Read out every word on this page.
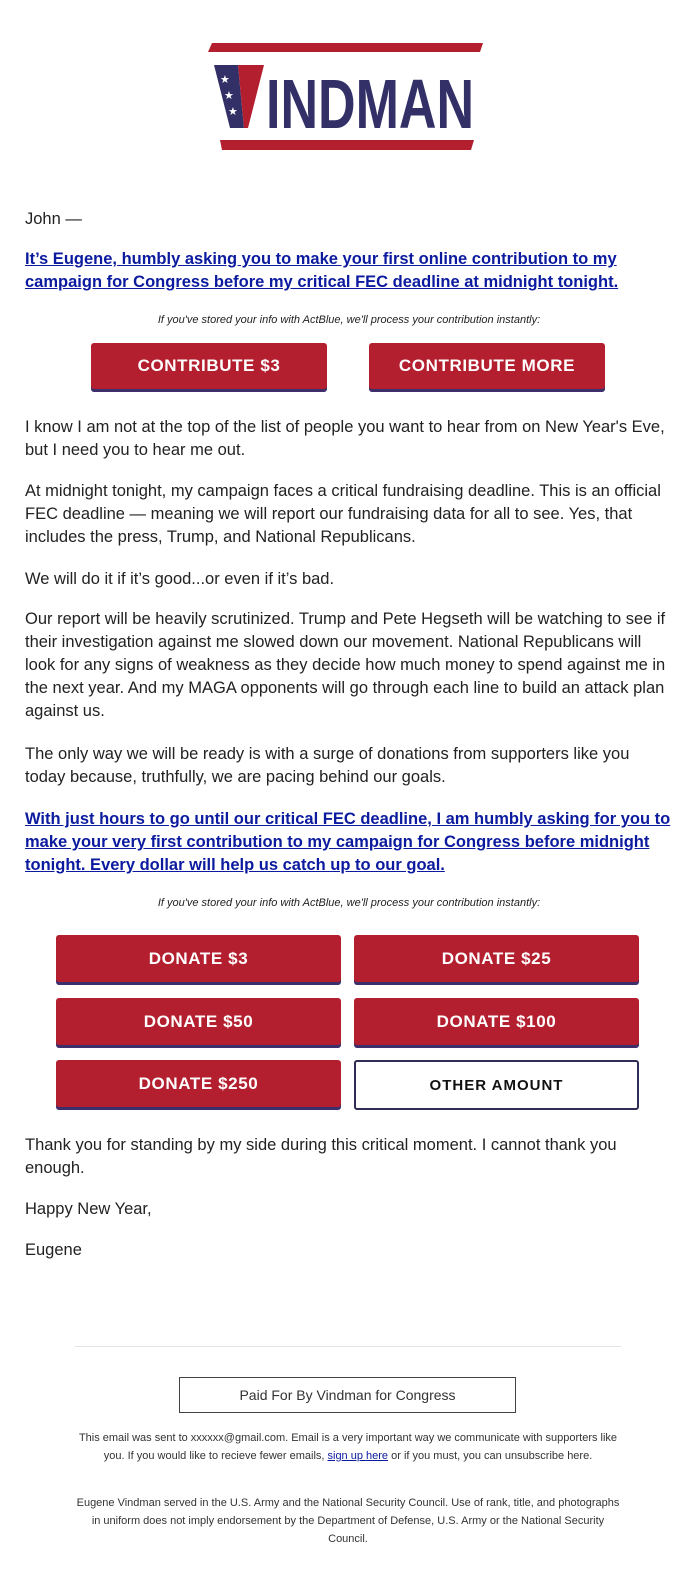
★
★
★ INDMAN

John —

It’s Eugene, humbly asking you to make your first online contribution to my campaign for Congress before my critical FEC deadline at midnight tonight.

If you've stored your info with ActBlue, we'll process your contribution instantly:
CONTRIBUTE $3	CONTRIBUTE MORE

I know I am not at the top of the list of people you want to hear from on New Year's Eve, but I need you to hear me out.

At midnight tonight, my campaign faces a critical fundraising deadline. This is an official FEC deadline — meaning we will report our fundraising data for all to see. Yes, that includes the press, Trump, and National Republicans.

We will do it if it’s good...or even if it’s bad.

Our report will be heavily scrutinized. Trump and Pete Hegseth will be watching to see if their investigation against me slowed down our movement. National Republicans will look for any signs of weakness as they decide how much money to spend against me in the next year. And my MAGA opponents will go through each line to build an attack plan against us.

The only way we will be ready is with a surge of donations from supporters like you today because, truthfully, we are pacing behind our goals.

With just hours to go until our critical FEC deadline, I am humbly asking for you to make your very first contribution to my campaign for Congress before midnight tonight. Every dollar will help us catch up to our goal.

If you've stored your info with ActBlue, we'll process your contribution instantly:
DONATE $3	DONATE $25
DONATE $50	DONATE $100
DONATE $250	OTHER AMOUNT

Thank you for standing by my side during this critical moment. I cannot thank you enough.

Happy New Year,

Eugene

Paid For By Vindman for Congress
This email was sent to xxxxxx@gmail.com. Email is a very important way we communicate with supporters like you. If you would like to recieve fewer emails, sign up here or if you must, you can unsubscribe here.
Eugene Vindman served in the U.S. Army and the National Security Council. Use of rank, title, and photographs in uniform does not imply endorsement by the Department of Defense, U.S. Army or the National Security Council.
